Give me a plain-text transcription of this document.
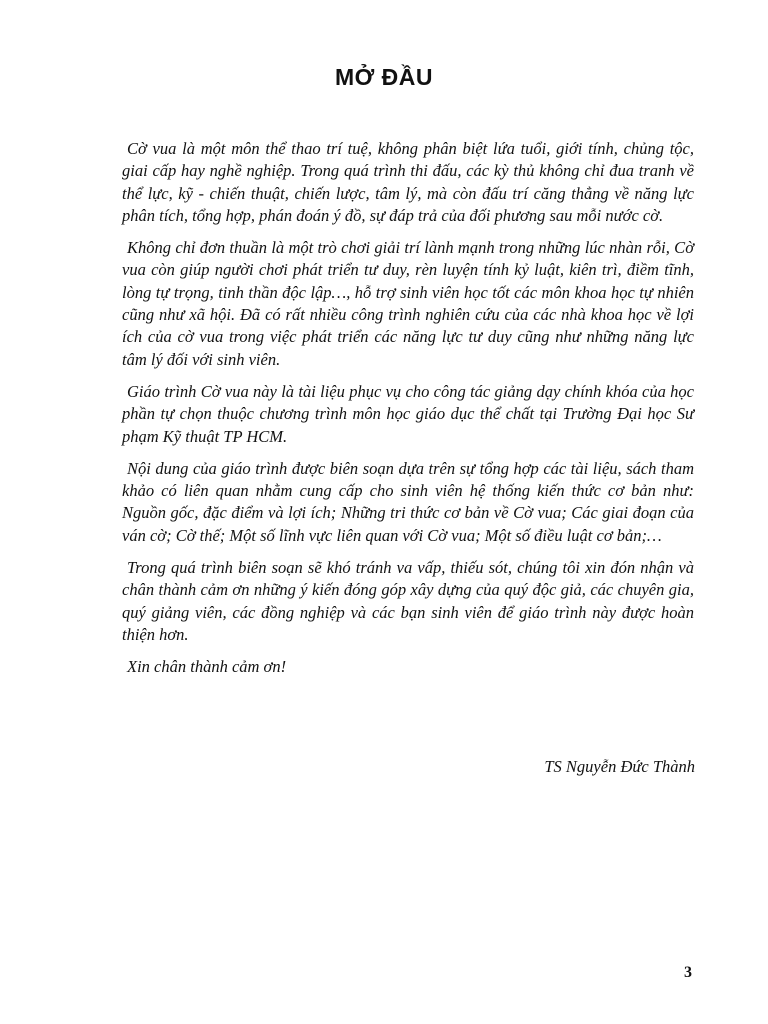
MỞ ĐẦU

Cờ vua là một môn thể thao trí tuệ, không phân biệt lứa tuổi, giới tính, chủng tộc, giai cấp hay nghề nghiệp. Trong quá trình thi đấu, các kỳ thủ không chỉ đua tranh về thể lực, kỹ - chiến thuật, chiến lược, tâm lý, mà còn đấu trí căng thẳng về năng lực phân tích, tổng hợp, phán đoán ý đồ, sự đáp trả của đối phương sau mỗi nước cờ.

Không chỉ đơn thuần là một trò chơi giải trí lành mạnh trong những lúc nhàn rỗi, Cờ vua còn giúp người chơi phát triển tư duy, rèn luyện tính kỷ luật, kiên trì, điềm tĩnh, lòng tự trọng, tinh thần độc lập…, hỗ trợ sinh viên học tốt các môn khoa học tự nhiên cũng như xã hội. Đã có rất nhiều công trình nghiên cứu của các nhà khoa học về lợi ích của cờ vua trong việc phát triển các năng lực tư duy cũng như những năng lực tâm lý đối với sinh viên.

Giáo trình Cờ vua này là tài liệu phục vụ cho công tác giảng dạy chính khóa của học phần tự chọn thuộc chương trình môn học giáo dục thể chất tại Trường Đại học Sư phạm Kỹ thuật TP HCM.

Nội dung của giáo trình được biên soạn dựa trên sự tổng hợp các tài liệu, sách tham khảo có liên quan nhằm cung cấp cho sinh viên hệ thống kiến thức cơ bản như: Nguồn gốc, đặc điểm và lợi ích; Những tri thức cơ bản về Cờ vua; Các giai đoạn của ván cờ; Cờ thế; Một số lĩnh vực liên quan với Cờ vua; Một số điều luật cơ bản;…

Trong quá trình biên soạn sẽ khó tránh va vấp, thiếu sót, chúng tôi xin đón nhận và chân thành cảm ơn những ý kiến đóng góp xây dựng của quý độc giả, các chuyên gia, quý giảng viên, các đồng nghiệp và các bạn sinh viên để giáo trình này được hoàn thiện hơn.

Xin chân thành cảm ơn!

TS Nguyễn Đức Thành

3
